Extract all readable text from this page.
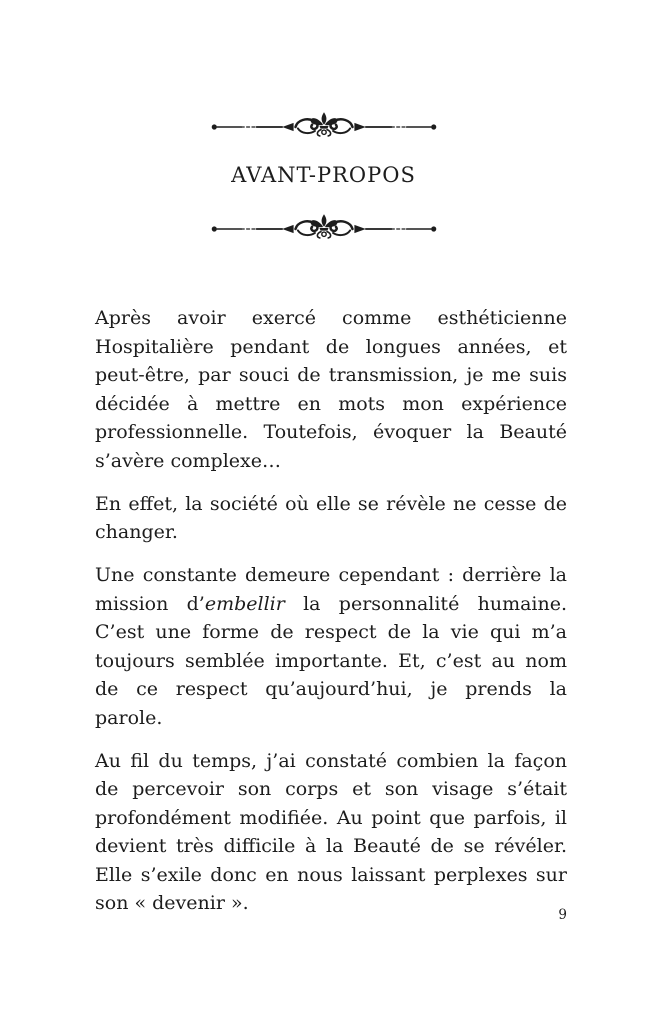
AVANT-PROPOS

Après avoir exercé comme esthéticienne Hospitalière pendant de longues années, et peut-être, par souci de transmission, je me suis décidée à mettre en mots mon expérience professionnelle. Toutefois, évoquer la Beauté s’avère complexe…

En effet, la société où elle se révèle ne cesse de changer.

Une constante demeure cependant : derrière la mission d’embellir la personnalité humaine. C’est une forme de respect de la vie qui m’a toujours semblée importante. Et, c’est au nom de ce respect qu’aujourd’hui, je prends la parole.

Au fil du temps, j’ai constaté combien la façon de percevoir son corps et son visage s’était profondément modifiée. Au point que parfois, il devient très difficile à la Beauté de se révéler. Elle s’exile donc en nous laissant perplexes sur son « devenir ».

9
